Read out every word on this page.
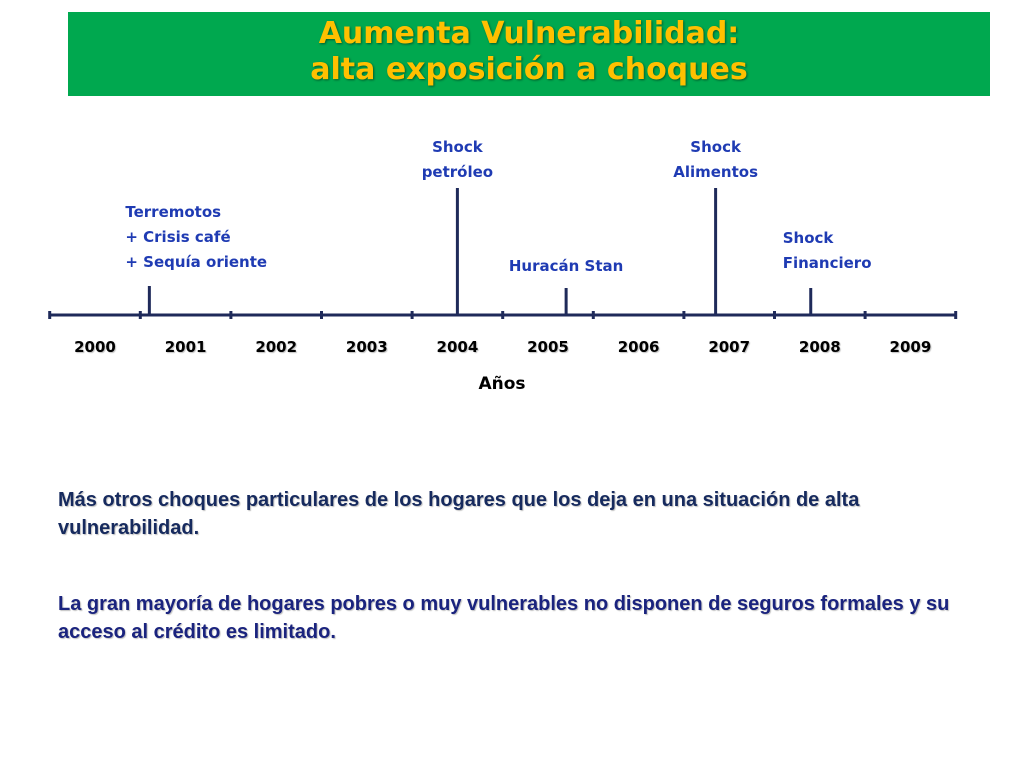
Aumenta Vulnerabilidad:
alta exposición a choques
2000	2001	2002	2003	2004	2005	2006	2007	2008	2009
Terremotos
+ Crisis café
+ Sequía oriente
Shock
petróleo
Huracán Stan
Shock
Alimentos
Shock
Financiero
Años
Más otros choques particulares de los hogares que los deja en una situación de alta vulnerabilidad.
La gran mayoría de hogares pobres o muy vulnerables no disponen de seguros formales y su acceso al crédito es limitado.
